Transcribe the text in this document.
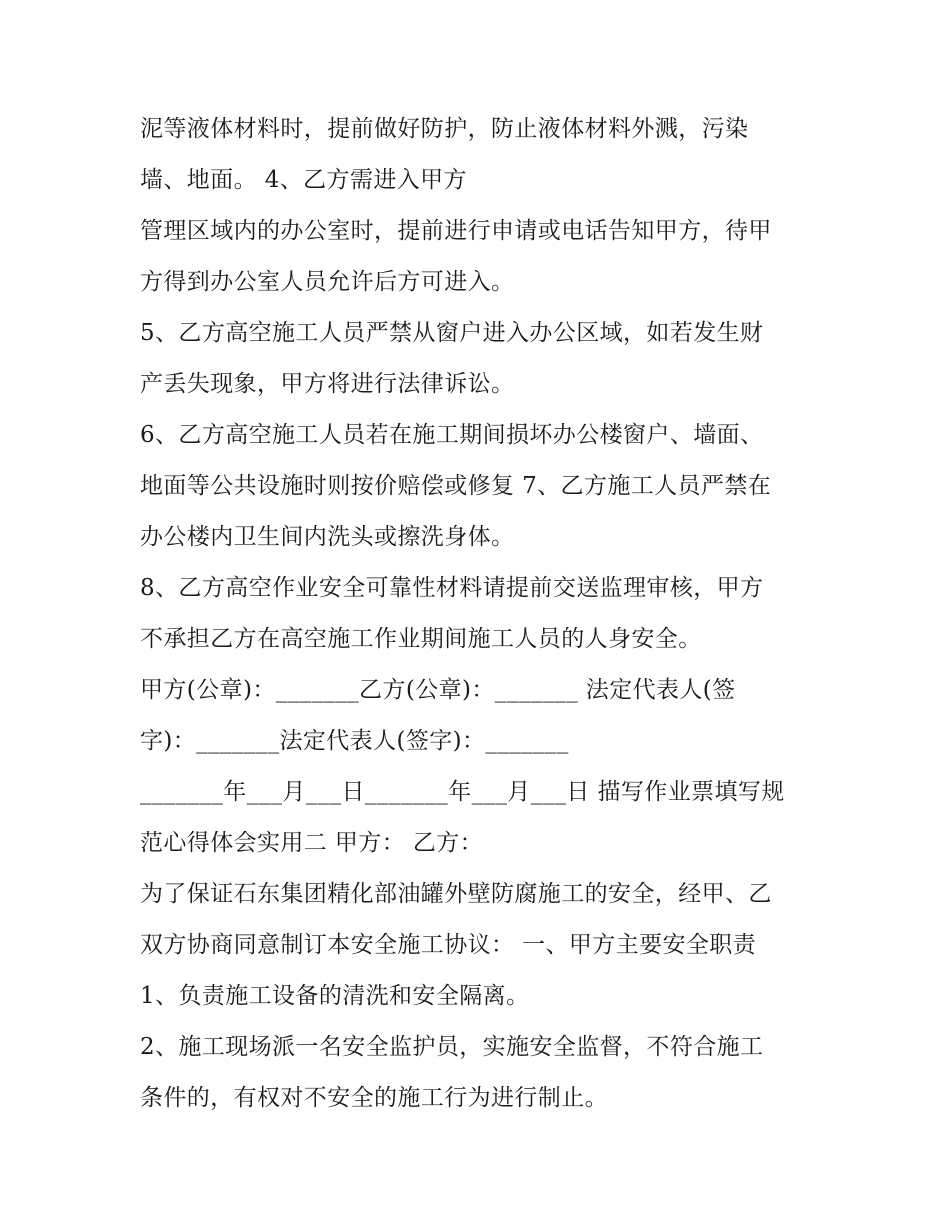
泥等液体材料时，提前做好防护，防止液体材料外溅，污染
墙、地面。 4、乙方需进入甲方
管理区域内的办公室时，提前进行申请或电话告知甲方，待甲
方得到办公室人员允许后方可进入。
5、乙方高空施工人员严禁从窗户进入办公区域，如若发生财
产丢失现象，甲方将进行法律诉讼。
6、乙方高空施工人员若在施工期间损坏办公楼窗户、墙面、
地面等公共设施时则按价赔偿或修复 7、乙方施工人员严禁在
办公楼内卫生间内洗头或擦洗身体。
8、乙方高空作业安全可靠性材料请提前交送监理审核，甲方
不承担乙方在高空施工作业期间施工人员的人身安全。
甲方(公章)：_______乙方(公章)：_______ 法定代表人(签
字)：_______法定代表人(签字)：_______
_______年___月___日_______年___月___日 描写作业票填写规
范心得体会实用二 甲方： 乙方：
为了保证石东集团精化部油罐外壁防腐施工的安全，经甲、乙
双方协商同意制订本安全施工协议： 一、甲方主要安全职责
1、负责施工设备的清洗和安全隔离。
2、施工现场派一名安全监护员，实施安全监督，不符合施工
条件的，有权对不安全的施工行为进行制止。
